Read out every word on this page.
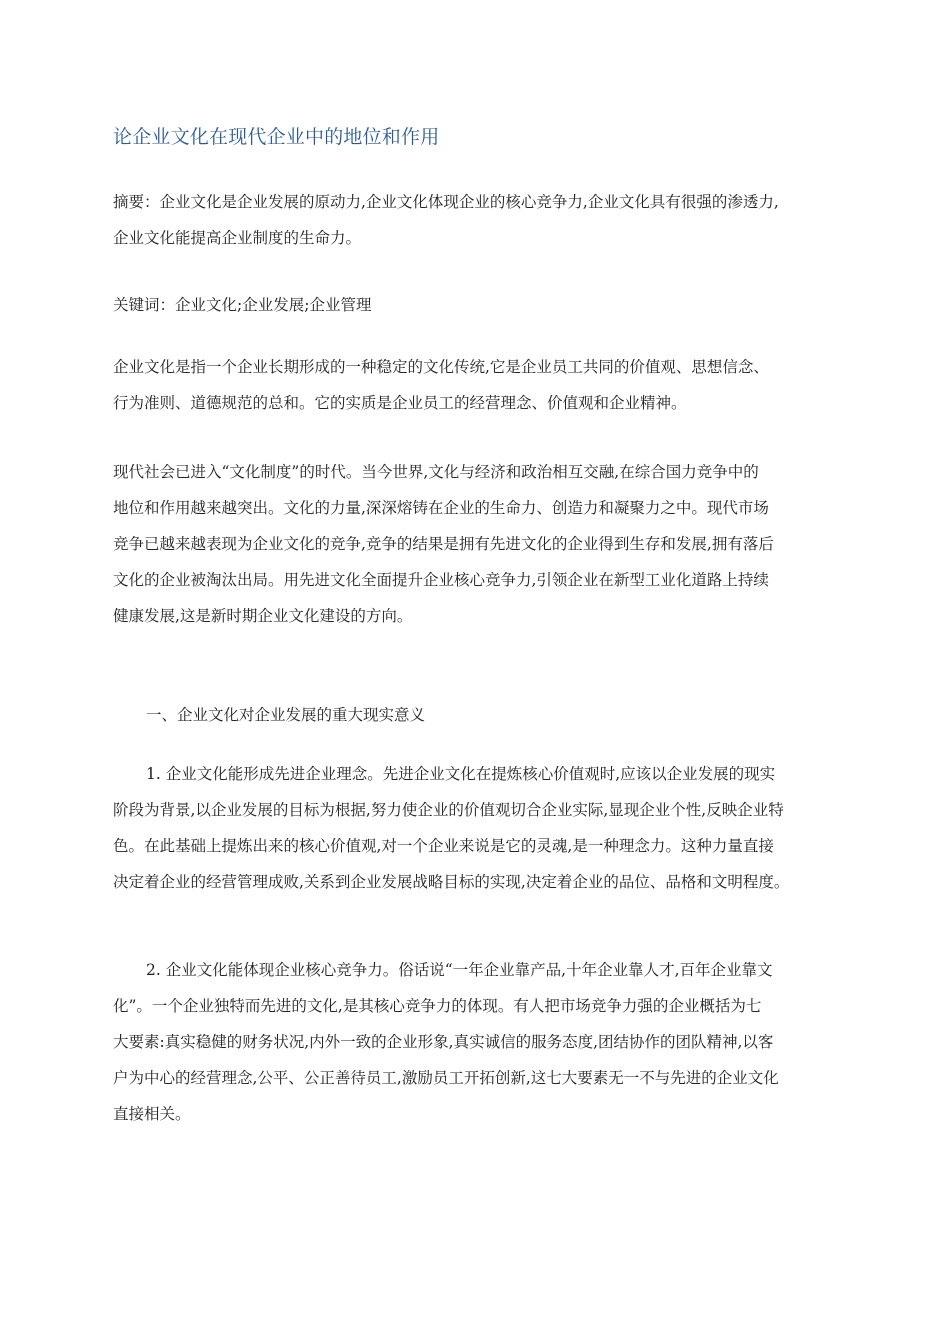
论企业文化在现代企业中的地位和作用
摘要：企业文化是企业发展的原动力,企业文化体现企业的核心竞争力,企业文化具有很强的渗透力,
企业文化能提高企业制度的生命力。
关键词：企业文化;企业发展;企业管理
企业文化是指一个企业长期形成的一种稳定的文化传统,它是企业员工共同的价值观、思想信念、
行为准则、道德规范的总和。它的实质是企业员工的经营理念、价值观和企业精神。
现代社会已进入“文化制度”的时代。当今世界,文化与经济和政治相互交融,在综合国力竞争中的
地位和作用越来越突出。文化的力量,深深熔铸在企业的生命力、创造力和凝聚力之中。现代市场
竞争已越来越表现为企业文化的竞争,竞争的结果是拥有先进文化的企业得到生存和发展,拥有落后
文化的企业被淘汰出局。用先进文化全面提升企业核心竞争力,引领企业在新型工业化道路上持续
健康发展,这是新时期企业文化建设的方向。
一、企业文化对企业发展的重大现实意义
1. 企业文化能形成先进企业理念。先进企业文化在提炼核心价值观时,应该以企业发展的现实
阶段为背景,以企业发展的目标为根据,努力使企业的价值观切合企业实际,显现企业个性,反映企业特
色。在此基础上提炼出来的核心价值观,对一个企业来说是它的灵魂,是一种理念力。这种力量直接
决定着企业的经营管理成败,关系到企业发展战略目标的实现,决定着企业的品位、品格和文明程度。
2. 企业文化能体现企业核心竞争力。俗话说“一年企业靠产品,十年企业靠人才,百年企业靠文
化”。一个企业独特而先进的文化,是其核心竞争力的体现。有人把市场竞争力强的企业概括为七
大要素:真实稳健的财务状况,内外一致的企业形象,真实诚信的服务态度,团结协作的团队精神,以客
户为中心的经营理念,公平、公正善待员工,激励员工开拓创新,这七大要素无一不与先进的企业文化
直接相关。
